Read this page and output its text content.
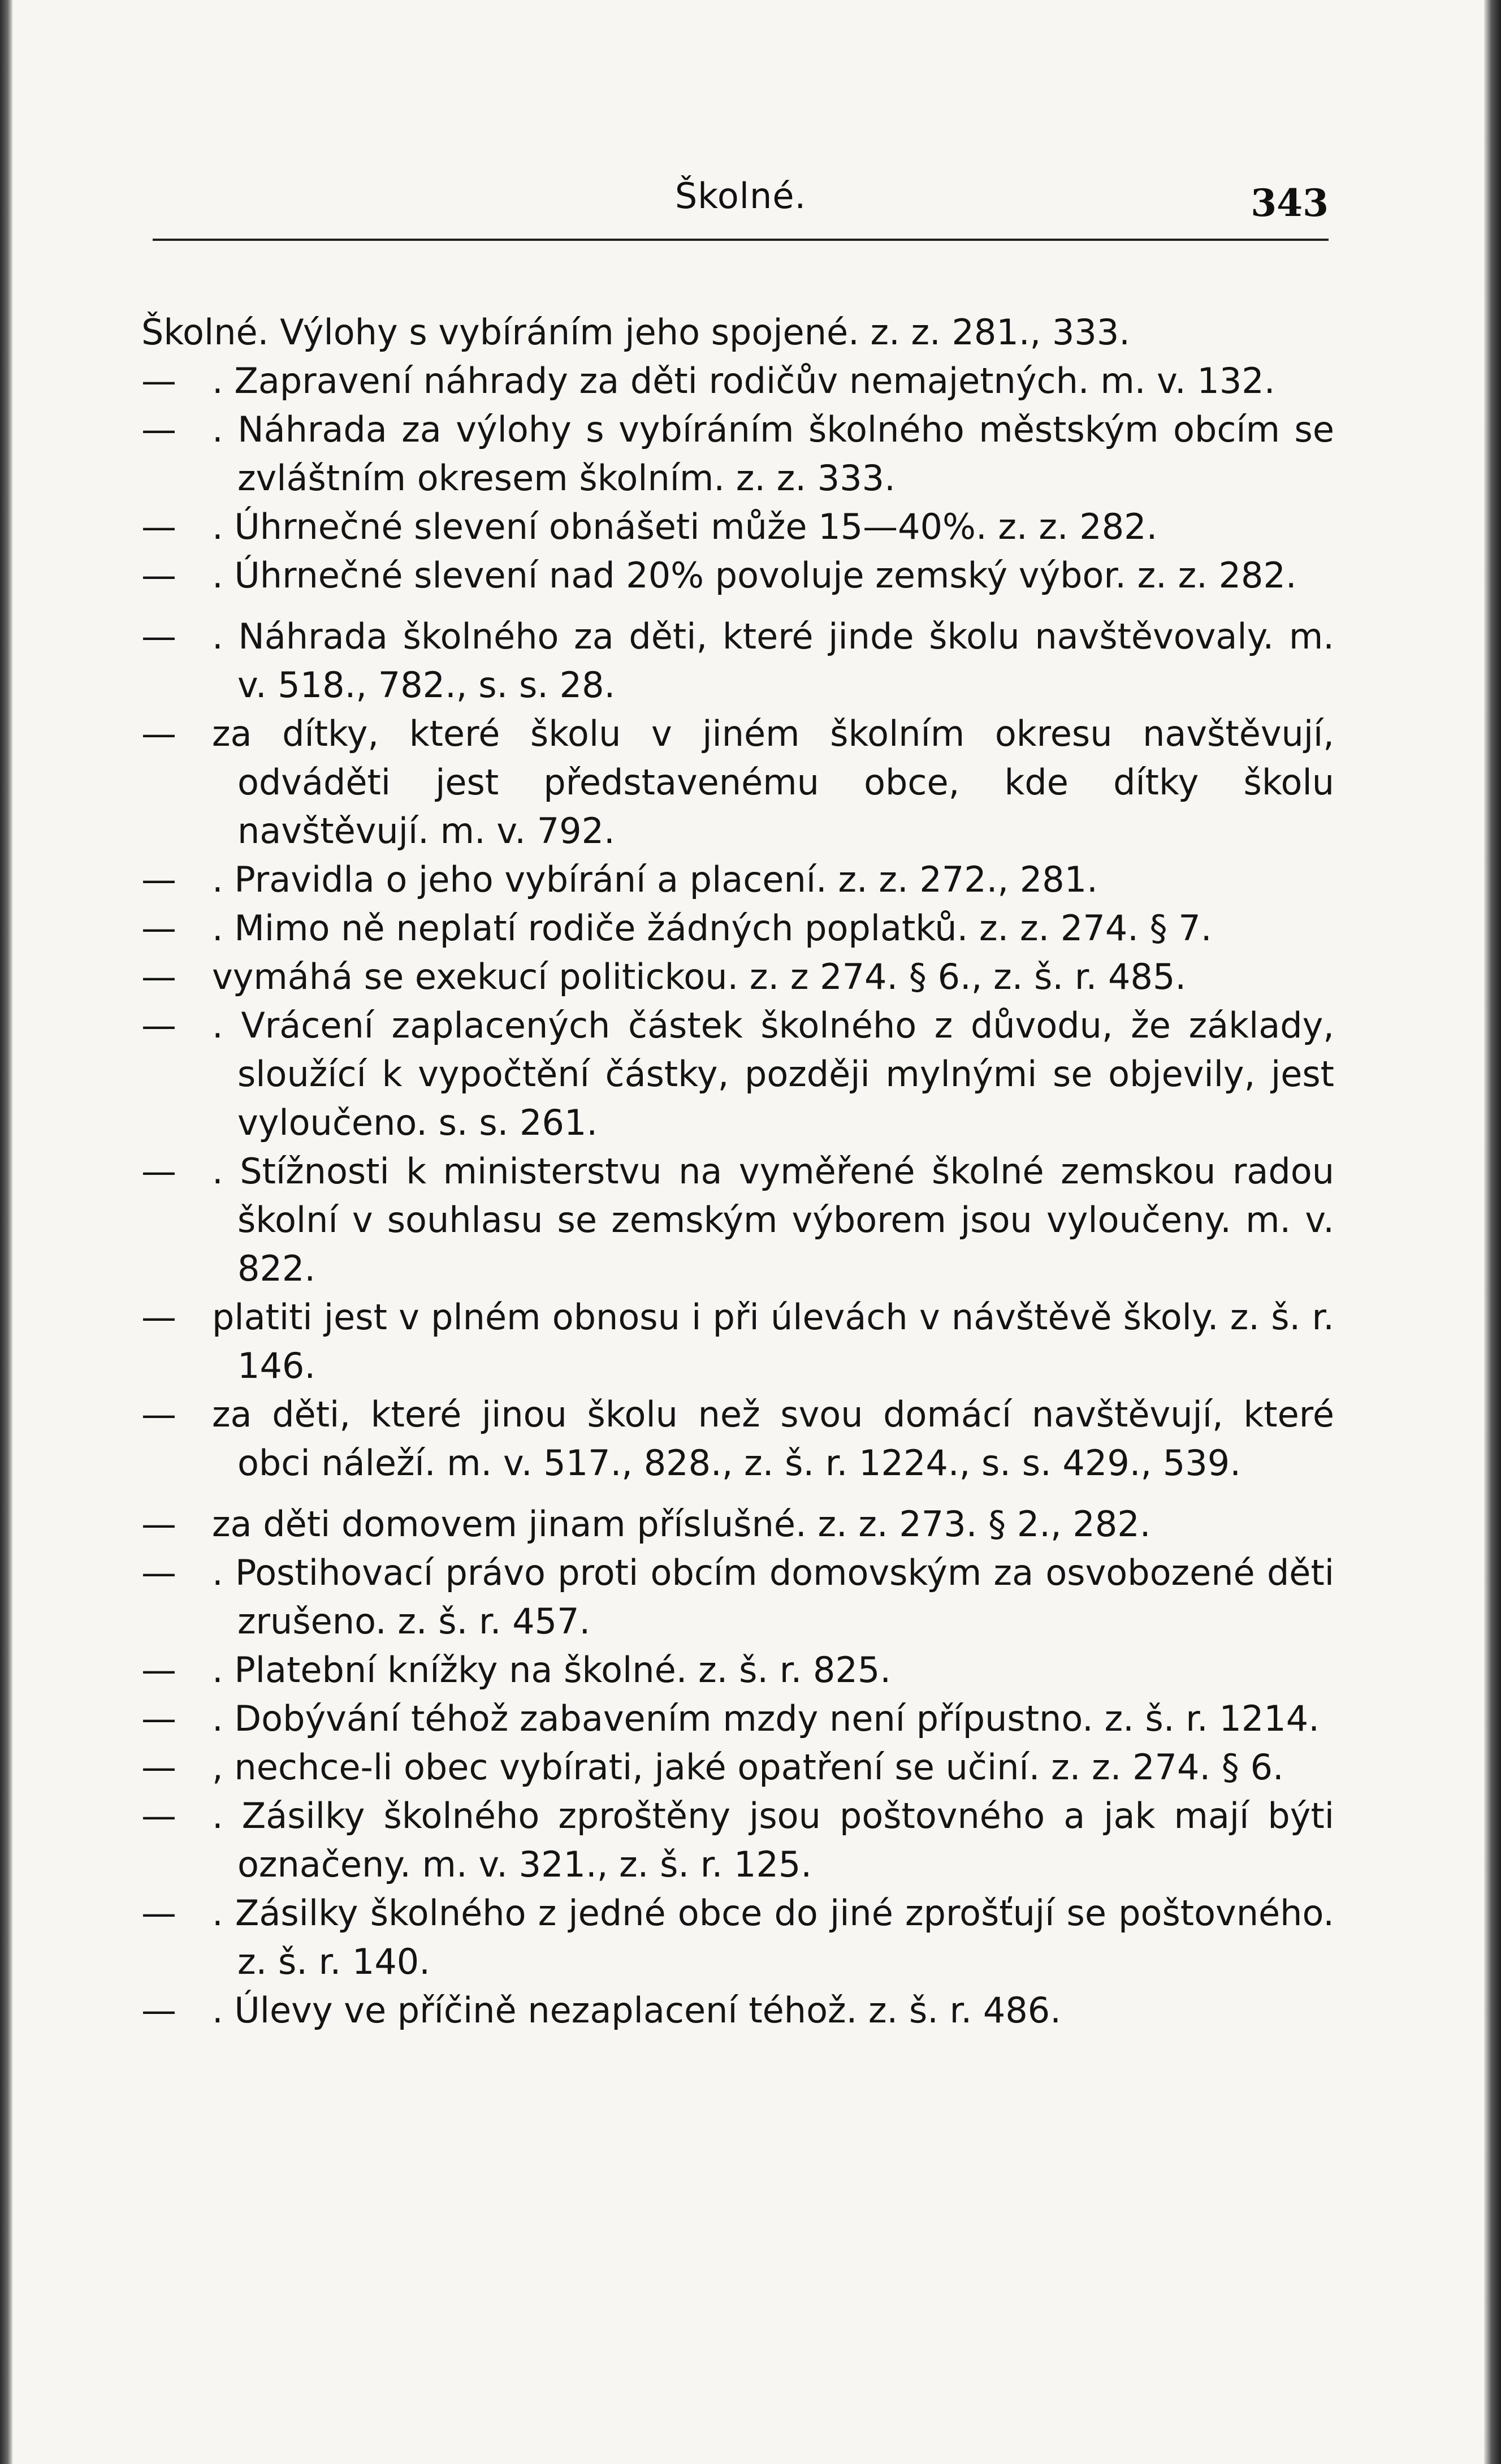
Školné.	343

Školné. Výlohy s vybíráním jeho spojené. z. z. 281., 333.

— . Zapravení náhrady za děti rodičův nemajetných. m. v. 132.

— . Náhrada za výlohy s vybíráním školného městským obcím se zvláštním okresem školním. z. z. 333.

— . Úhrnečné slevení obnášeti může 15—40%. z. z. 282.

— . Úhrnečné slevení nad 20% povoluje zemský výbor. z. z. 282.

— . Náhrada školného za děti, které jinde školu navštěvovaly. m. v. 518., 782., s. s. 28.

— za dítky, které školu v jiném školním okresu navštěvují, odváděti jest představenému obce, kde dítky školu navštěvují. m. v. 792.

— . Pravidla o jeho vybírání a placení. z. z. 272., 281.

— . Mimo ně neplatí rodiče žádných poplatků. z. z. 274. § 7.

— vymáhá se exekucí politickou. z. z 274. § 6., z. š. r. 485.

— . Vrácení zaplacených částek školného z důvodu, že základy, sloužící k vypočtění částky, později mylnými se objevily, jest vyloučeno. s. s. 261.

— . Stížnosti k ministerstvu na vyměřené školné zemskou radou školní v souhlasu se zemským výborem jsou vyloučeny. m. v. 822.

— platiti jest v plném obnosu i při úlevách v návštěvě školy. z. š. r. 146.

— za děti, které jinou školu než svou domácí navštěvují, které obci náleží. m. v. 517., 828., z. š. r. 1224., s. s. 429., 539.

— za děti domovem jinam příslušné. z. z. 273. § 2., 282.

— . Postihovací právo proti obcím domovským za osvobozené děti zrušeno. z. š. r. 457.

— . Platební knížky na školné. z. š. r. 825.

— . Dobývání téhož zabavením mzdy není přípustno. z. š. r. 1214.

— , nechce-li obec vybírati, jaké opatření se učiní. z. z. 274. § 6.

— . Zásilky školného zproštěny jsou poštovného a jak mají býti označeny. m. v. 321., z. š. r. 125.

— . Zásilky školného z jedné obce do jiné zprošťují se poštovného. z. š. r. 140.

— . Úlevy ve příčině nezaplacení téhož. z. š. r. 486.
